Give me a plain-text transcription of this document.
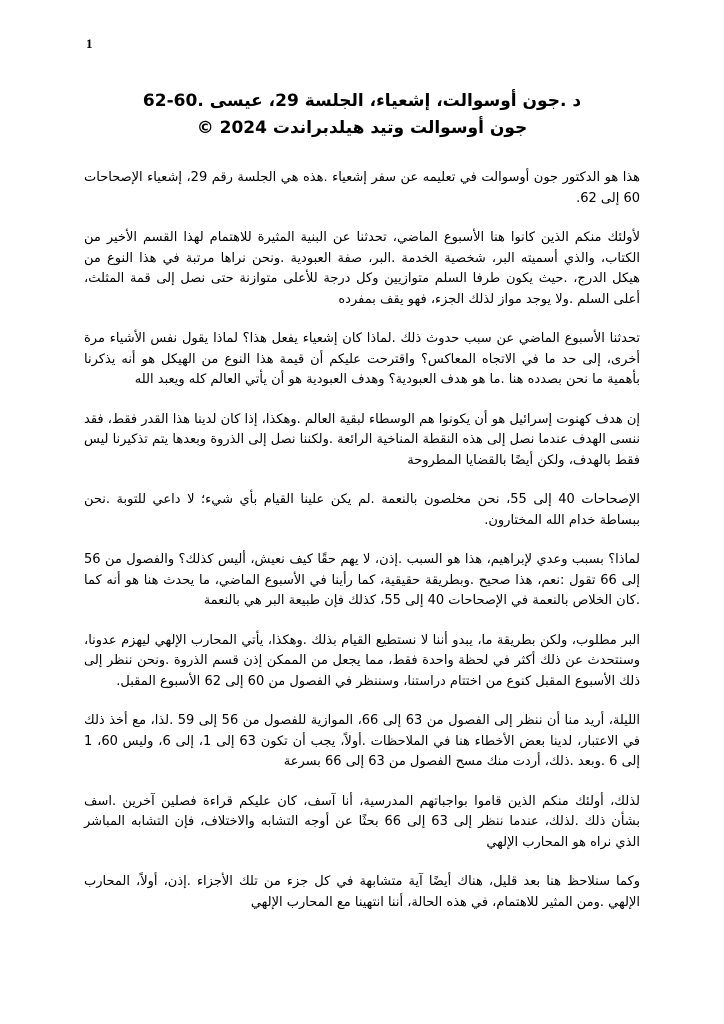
1
د .جون أوسوالت، إشعياء، الجلسة 29، عيسى .60-62
جون أوسوالت وتيد هيلدبراندت 2024 ©

هذا هو الدكتور جون أوسوالت في تعليمه عن سفر إشعياء .هذه هي الجلسة رقم 29، إشعياء الإصحاحات 60 إلى 62.

لأولئك منكم الذين كانوا هنا الأسبوع الماضي، تحدثنا عن البنية المثيرة للاهتمام لهذا القسم الأخير من الكتاب، والذي أسميته البر، شخصية الخدمة .البر، صفة العبودية .ونحن نراها مرتبة في هذا النوع من هيكل الدرج، .حيث يكون طرفا السلم متوازيين وكل درجة للأعلى متوازنة حتى نصل إلى قمة المثلث، أعلى السلم .ولا يوجد مواز لذلك الجزء، فهو يقف بمفرده

تحدثنا الأسبوع الماضي عن سبب حدوث ذلك .لماذا كان إشعياء يفعل هذا؟ لماذا يقول نفس الأشياء مرة أخرى، إلى حد ما في الاتجاه المعاكس؟ واقترحت عليكم أن قيمة هذا النوع من الهيكل هو أنه يذكرنا بأهمية ما نحن بصدده هنا .ما هو هدف العبودية؟ وهدف العبودية هو أن يأتي العالم كله ويعبد الله

إن هدف كهنوت إسرائيل هو أن يكونوا هم الوسطاء لبقية العالم .وهكذا، إذا كان لدينا هذا القدر فقط، فقد ننسى الهدف عندما نصل إلى هذه النقطة المناخية الرائعة .ولكننا نصل إلى الذروة وبعدها يتم تذكيرنا ليس فقط بالهدف، ولكن أيضًا بالقضايا المطروحة

الإصحاحات 40 إلى 55، نحن مخلصون بالنعمة .لم يكن علينا القيام بأي شيء؛ لا داعي للتوبة .نحن ببساطة خدام الله المختارون.

لماذا؟ بسبب وعدي لإبراهيم، هذا هو السبب .إذن، لا يهم حقًا كيف نعيش، أليس كذلك؟ والفصول من 56 إلى 66 تقول :نعم، هذا صحيح .وبطريقة حقيقية، كما رأينا في الأسبوع الماضي، ما يحدث هنا هو أنه كما .كان الخلاص بالنعمة في الإصحاحات 40 إلى 55، كذلك فإن طبيعة البر هي بالنعمة

البر مطلوب، ولكن بطريقة ما، يبدو أننا لا نستطيع القيام بذلك .وهكذا، يأتي المحارب الإلهي ليهزم عدونا، وسنتحدث عن ذلك أكثر في لحظة واحدة فقط، مما يجعل من الممكن إذن قسم الذروة .ونحن ننظر إلى ذلك الأسبوع المقبل كنوع من اختتام دراستنا، وسننظر في الفصول من 60 إلى 62 الأسبوع المقبل.

الليلة، أريد منا أن ننظر إلى الفصول من 63 إلى 66، الموازية للفصول من 56 إلى 59 .لذا، مع أخذ ذلك في الاعتبار، لدينا بعض الأخطاء هنا في الملاحظات .أولاً، يجب أن تكون 63 إلى 1، إلى 6، وليس 60، 1 إلى 6 .وبعد .ذلك، أردت منك مسح الفصول من 63 إلى 66 بسرعة

لذلك، أولئك منكم الذين قاموا بواجباتهم المدرسية، أنا آسف، كان عليكم قراءة فصلين آخرين .اسف بشأن ذلك .لذلك، عندما ننظر إلى 63 إلى 66 بحثًا عن أوجه التشابه والاختلاف، فإن التشابه المباشر الذي نراه هو المحارب الإلهي

وكما سنلاحظ هنا بعد قليل، هناك أيضًا آية متشابهة في كل جزء من تلك الأجزاء .إذن، أولاً، المحارب الإلهي .ومن المثير للاهتمام، في هذه الحالة، أننا انتهينا مع المحارب الإلهي
